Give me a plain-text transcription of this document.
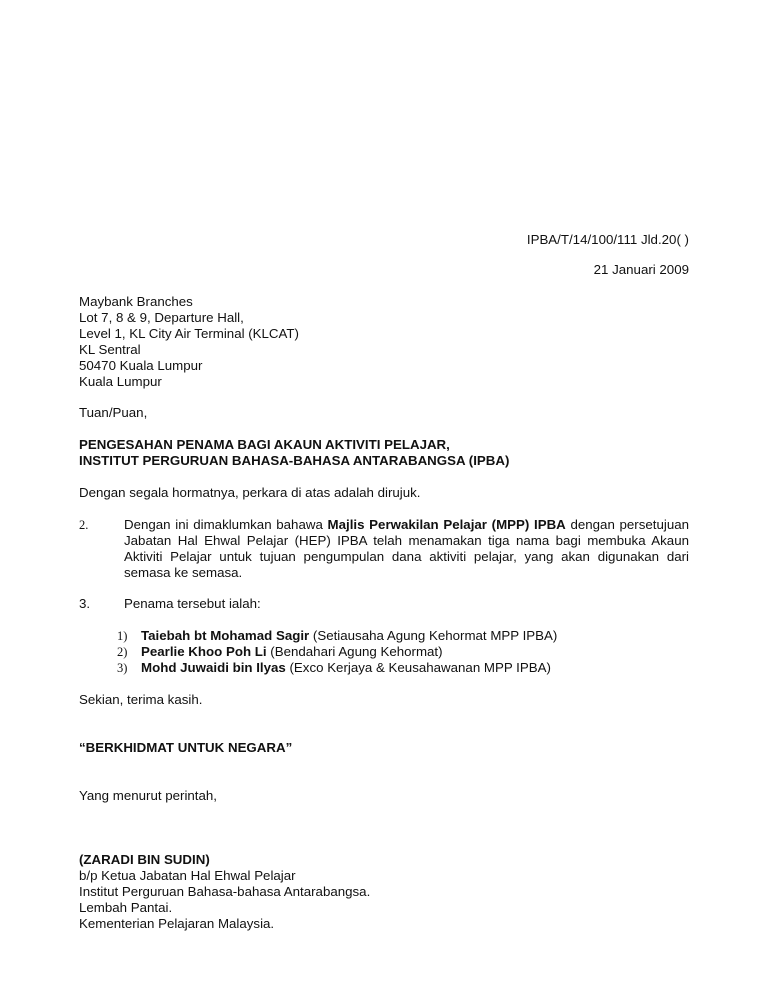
IPBA/T/14/100/111 Jld.20( )
21 Januari 2009
Maybank Branches
Lot 7, 8 & 9, Departure Hall,
Level 1, KL City Air Terminal (KLCAT)
KL Sentral
50470 Kuala Lumpur
Kuala Lumpur
Tuan/Puan,
PENGESAHAN PENAMA BAGI AKAUN AKTIVITI PELAJAR,
INSTITUT PERGURUAN BAHASA-BAHASA ANTARABANGSA (IPBA)
Dengan segala hormatnya, perkara di atas adalah dirujuk.
2.	Dengan ini dimaklumkan bahawa Majlis Perwakilan Pelajar (MPP) IPBA dengan persetujuan Jabatan Hal Ehwal Pelajar (HEP) IPBA telah menamakan tiga nama bagi membuka Akaun Aktiviti Pelajar untuk tujuan pengumpulan dana aktiviti pelajar, yang akan digunakan dari semasa ke semasa.
3.	Penama tersebut ialah:
1) Taiebah bt Mohamad Sagir (Setiausaha Agung Kehormat MPP IPBA)
2) Pearlie Khoo Poh Li (Bendahari Agung Kehormat)
3) Mohd Juwaidi bin Ilyas (Exco Kerjaya & Keusahawanan MPP IPBA)
Sekian, terima kasih.
“BERKHIDMAT UNTUK NEGARA”
Yang menurut perintah,
(ZARADI BIN SUDIN)
b/p Ketua Jabatan Hal Ehwal Pelajar
Institut Perguruan Bahasa-bahasa Antarabangsa.
Lembah Pantai.
Kementerian Pelajaran Malaysia.
